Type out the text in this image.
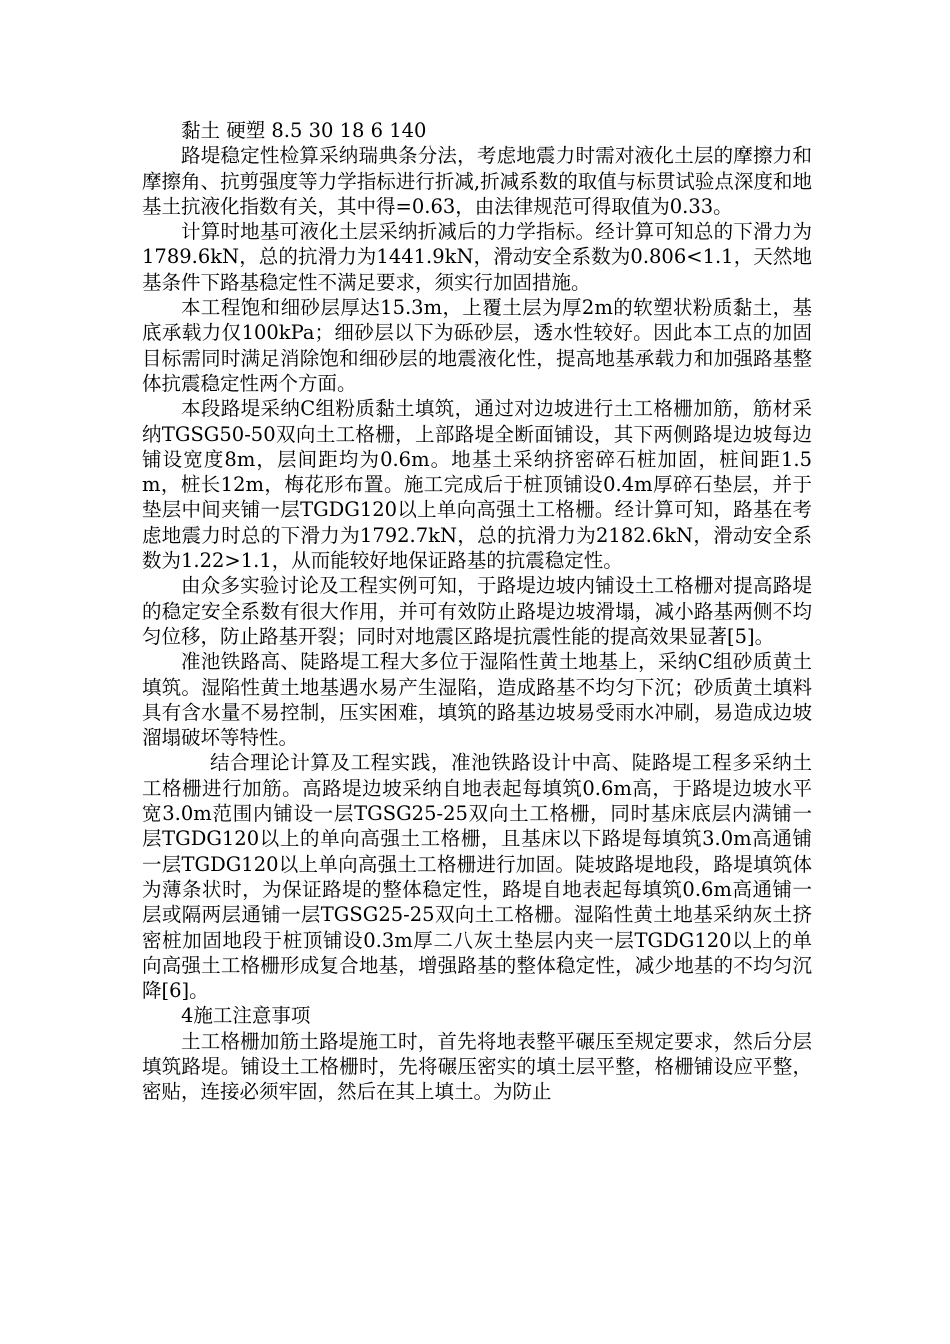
黏土 硬塑 8.5 30 18 6 140

路堤稳定性检算采纳瑞典条分法，考虑地震力时需对液化土层的摩擦力和摩擦角、抗剪强度等力学指标进行折减,折减系数的取值与标贯试验点深度和地基土抗液化指数有关，其中得=0.63，由法律规范可得取值为0.33。

计算时地基可液化土层采纳折减后的力学指标。经计算可知总的下滑力为1789.6kN，总的抗滑力为1441.9kN，滑动安全系数为0.806<1.1，天然地基条件下路基稳定性不满足要求，须实行加固措施。

本工程饱和细砂层厚达15.3m，上覆土层为厚2m的软塑状粉质黏土，基底承载力仅100kPa；细砂层以下为砾砂层，透水性较好。因此本工点的加固目标需同时满足消除饱和细砂层的地震液化性，提高地基承载力和加强路基整体抗震稳定性两个方面。

本段路堤采纳C组粉质黏土填筑，通过对边坡进行土工格栅加筋，筋材采纳TGSG50-50双向土工格栅，上部路堤全断面铺设，其下两侧路堤边坡每边铺设宽度8m，层间距均为0.6m。地基土采纳挤密碎石桩加固，桩间距1.5m，桩长12m，梅花形布置。施工完成后于桩顶铺设0.4m厚碎石垫层，并于垫层中间夹铺一层TGDG120以上单向高强土工格栅。经计算可知，路基在考虑地震力时总的下滑力为1792.7kN，总的抗滑力为2182.6kN，滑动安全系数为1.22>1.1，从而能较好地保证路基的抗震稳定性。

由众多实验讨论及工程实例可知，于路堤边坡内铺设土工格栅对提高路堤的稳定安全系数有很大作用，并可有效防止路堤边坡滑塌，减小路基两侧不均匀位移，防止路基开裂；同时对地震区路堤抗震性能的提高效果显著[5]。

准池铁路高、陡路堤工程大多位于湿陷性黄土地基上，采纳C组砂质黄土填筑。湿陷性黄土地基遇水易产生湿陷，造成路基不均匀下沉；砂质黄土填料具有含水量不易控制，压实困难，填筑的路基边坡易受雨水冲刷，易造成边坡溜塌破坏等特性。

结合理论计算及工程实践，准池铁路设计中高、陡路堤工程多采纳土工格栅进行加筋。高路堤边坡采纳自地表起每填筑0.6m高，于路堤边坡水平宽3.0m范围内铺设一层TGSG25-25双向土工格栅，同时基床底层内满铺一层TGDG120以上的单向高强土工格栅，且基床以下路堤每填筑3.0m高通铺一层TGDG120以上单向高强土工格栅进行加固。陡坡路堤地段，路堤填筑体为薄条状时，为保证路堤的整体稳定性，路堤自地表起每填筑0.6m高通铺一层或隔两层通铺一层TGSG25-25双向土工格栅。湿陷性黄土地基采纳灰土挤密桩加固地段于桩顶铺设0.3m厚二八灰土垫层内夹一层TGDG120以上的单向高强土工格栅形成复合地基，增强路基的整体稳定性，减少地基的不均匀沉降[6]。

4施工注意事项

土工格栅加筋土路堤施工时，首先将地表整平碾压至规定要求，然后分层填筑路堤。铺设土工格栅时，先将碾压密实的填土层平整，格栅铺设应平整，密贴，连接必须牢固，然后在其上填土。为防止
